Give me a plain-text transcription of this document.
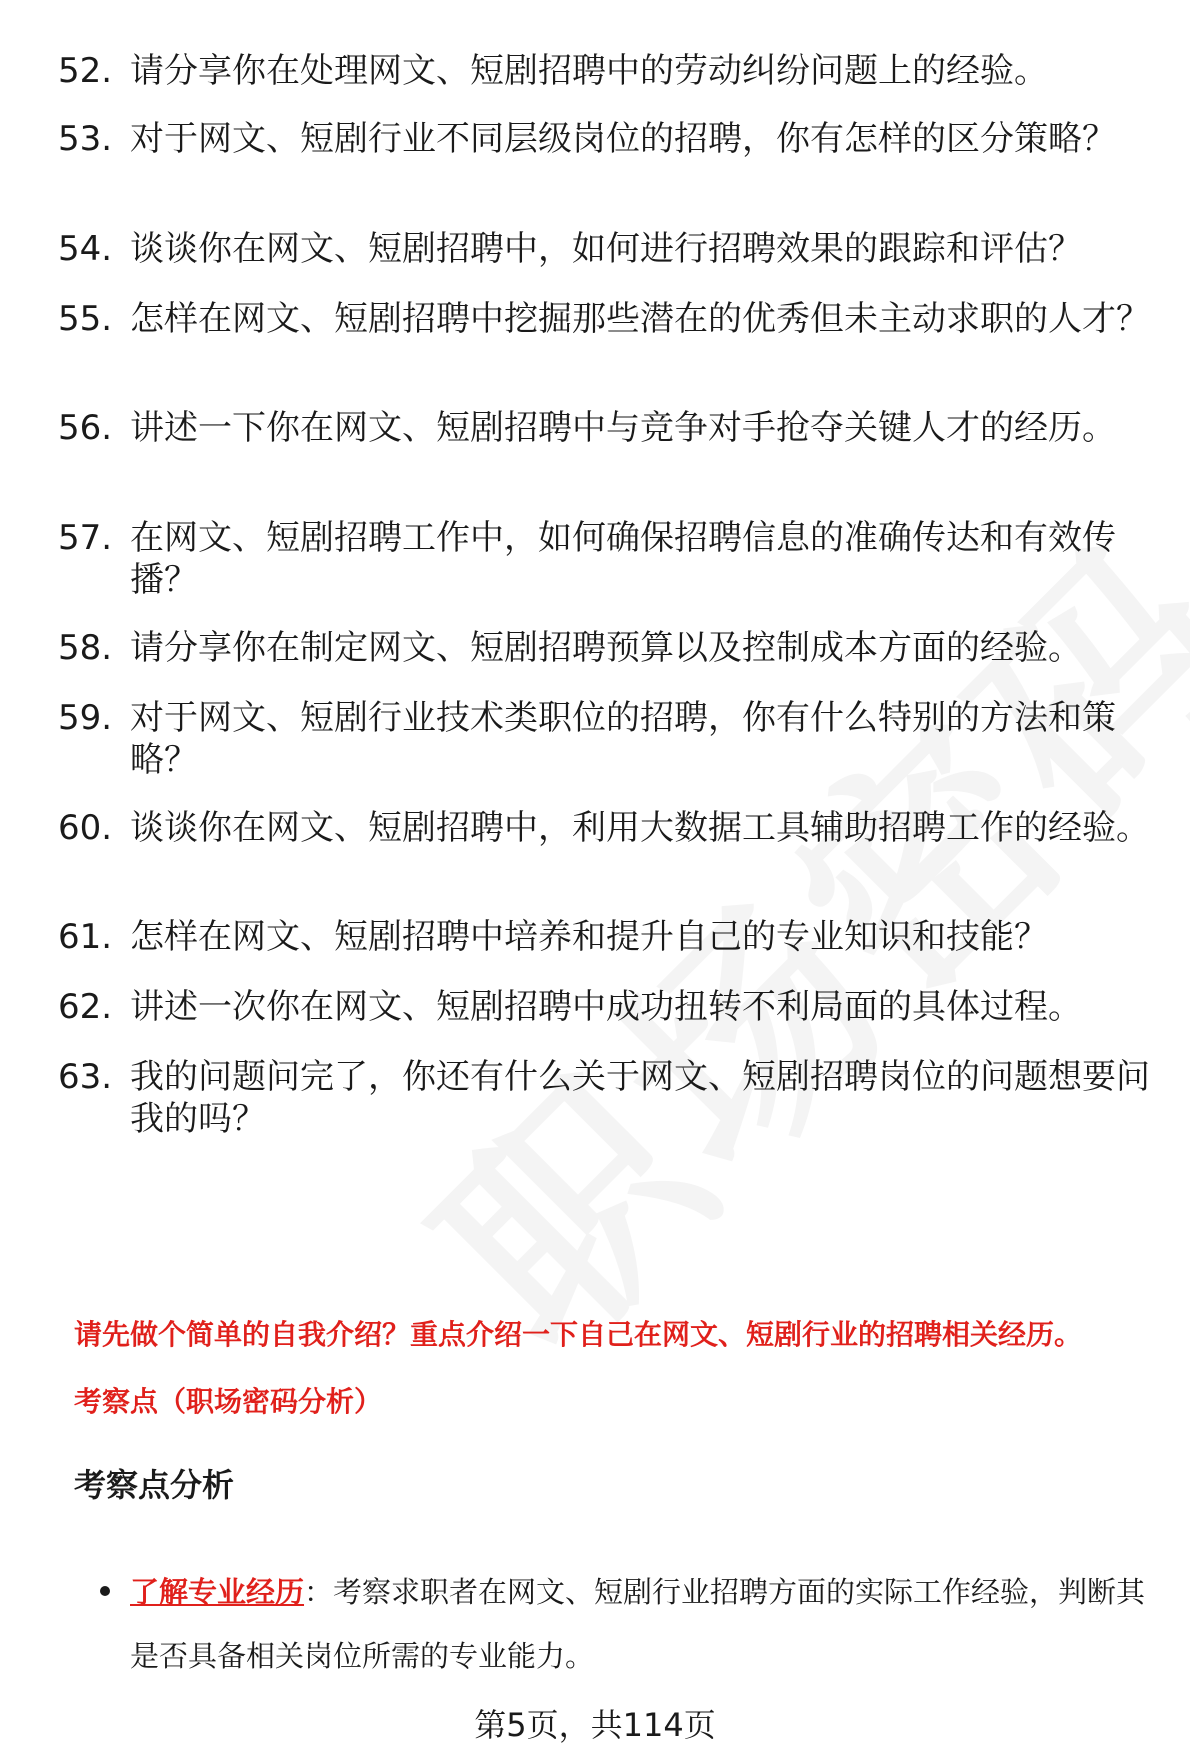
52. 请分享你在处理网文、短剧招聘中的劳动纠纷问题上的经验。
53. 对于网文、短剧行业不同层级岗位的招聘，你有怎样的区分策略？
54. 谈谈你在网文、短剧招聘中，如何进行招聘效果的跟踪和评估？
55. 怎样在网文、短剧招聘中挖掘那些潜在的优秀但未主动求职的人才？
56. 讲述一下你在网文、短剧招聘中与竞争对手抢夺关键人才的经历。
57. 在网文、短剧招聘工作中，如何确保招聘信息的准确传达和有效传播？
58. 请分享你在制定网文、短剧招聘预算以及控制成本方面的经验。
59. 对于网文、短剧行业技术类职位的招聘，你有什么特别的方法和策略？
60. 谈谈你在网文、短剧招聘中，利用大数据工具辅助招聘工作的经验。
61. 怎样在网文、短剧招聘中培养和提升自己的专业知识和技能？
62. 讲述一次你在网文、短剧招聘中成功扭转不利局面的具体过程。
63. 我的问题问完了，你还有什么关于网文、短剧招聘岗位的问题想要问我的吗？
请先做个简单的自我介绍？重点介绍一下自己在网文、短剧行业的招聘相关经历。
考察点（职场密码分析）
考察点分析
了解专业经历：考察求职者在网文、短剧行业招聘方面的实际工作经验，判断其是否具备相关岗位所需的专业能力。
第5页，共114页
